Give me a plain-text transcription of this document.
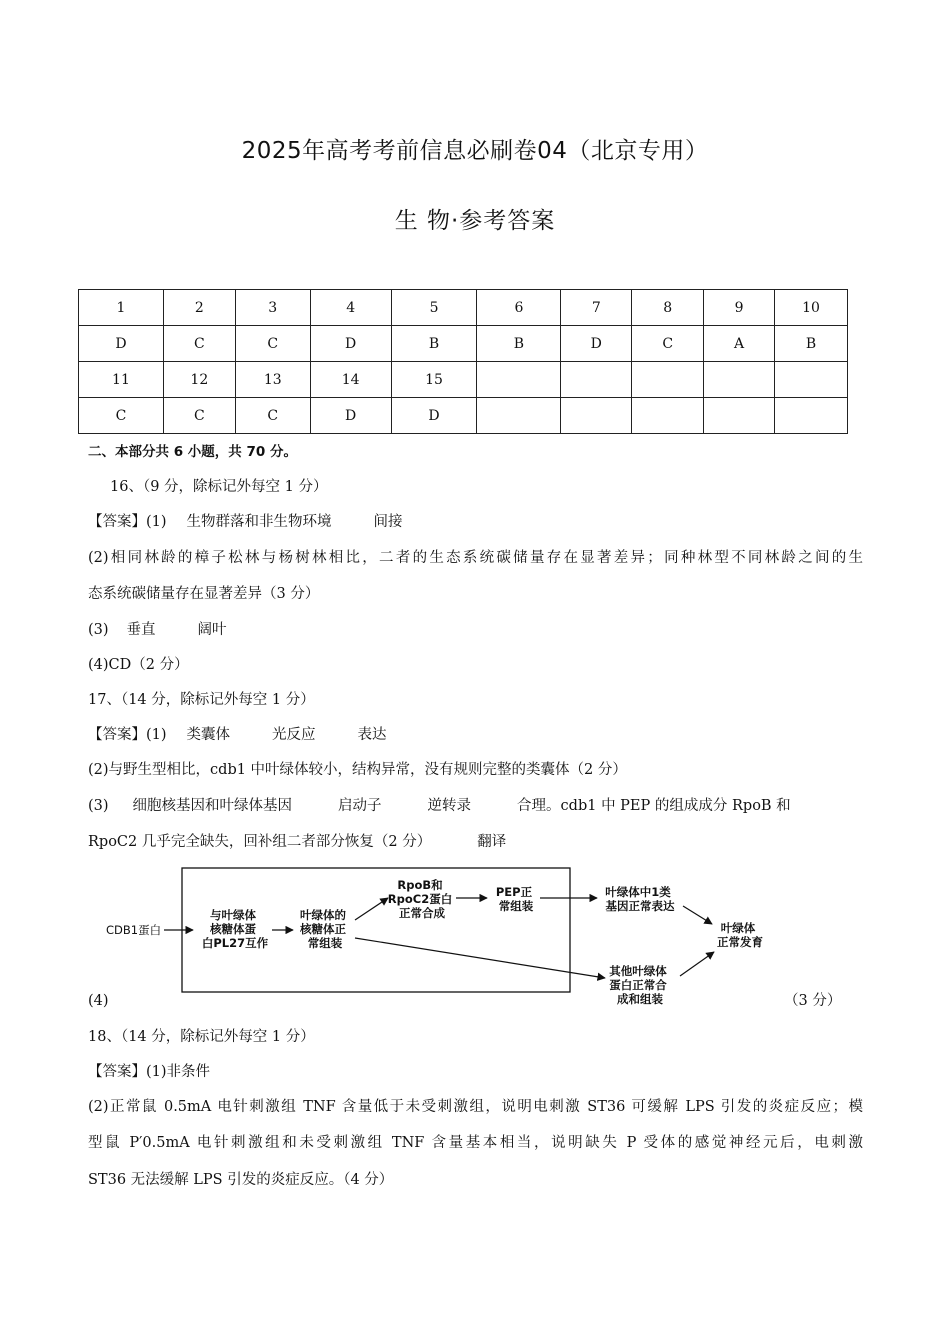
2025年高考考前信息必刷卷04（北京专用）
生 物·参考答案
1	2	3	4	5	6	7	8	9	10
D	C	C	D	B	B	D	C	A	B
11	12	13	14	15					
C	C	C	D	D					
二、本部分共 6 小题，共 70 分。
16、（9 分，除标记外每空 1 分）
【答案】(1) 生物群落和非生物环境	间接
(2)相同林龄的樟子松林与杨树林相比，二者的生态系统碳储量存在显著差异；同种林型不同林龄之间的生
态系统碳储量存在显著差异（3 分）
(3) 垂直	阔叶
(4)CD（2 分）
17、（14 分，除标记外每空 1 分）
【答案】(1) 类囊体	光反应	表达
(2)与野生型相比，cdb1 中叶绿体较小，结构异常，没有规则完整的类囊体（2 分）
(3) 细胞核基因和叶绿体基因	启动子	逆转录	合理。cdb1 中 PEP 的组成成分 RpoB 和
RpoC2 几乎完全缺失，回补组二者部分恢复（2 分）	翻译
CDB1蛋白
与叶绿体 核糖体蛋 白PL27互作
叶绿体的 核糖体正 常组装
RpoB和 RpoC2蛋白 正常合成
PEP正 常组装
叶绿体中1类 基因正常表达
其他叶绿体 蛋白正常合 成和组装
叶绿体 正常发育
(4)	（3 分）
18、（14 分，除标记外每空 1 分）
【答案】(1)非条件
(2)正常鼠 0.5mA 电针刺激组 TNF 含量低于未受刺激组，说明电刺激 ST36 可缓解 LPS 引发的炎症反应；模
型鼠 P′0.5mA 电针刺激组和未受刺激组 TNF 含量基本相当，说明缺失 P 受体的感觉神经元后，电刺激
ST36 无法缓解 LPS 引发的炎症反应。（4 分）
